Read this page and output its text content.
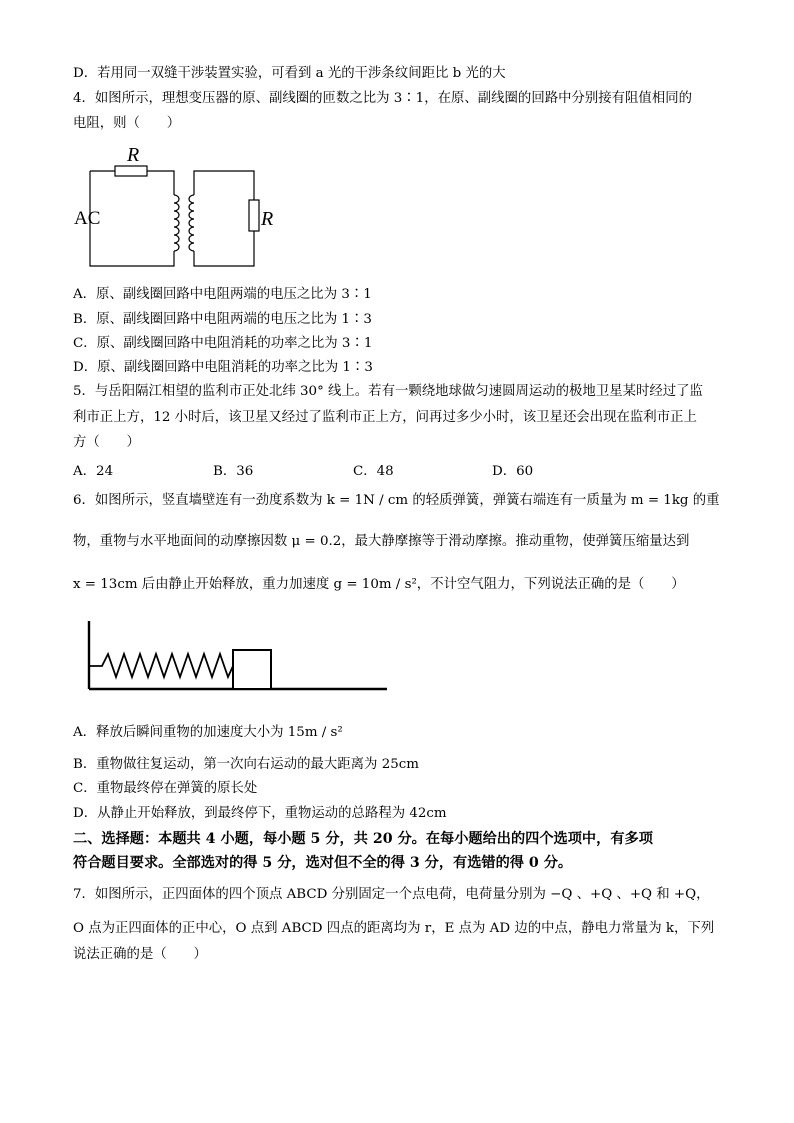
D．若用同一双缝干涉装置实验，可看到 a 光的干涉条纹间距比 b 光的大
4．如图所示，理想变压器的原、副线圈的匝数之比为 3∶1，在原、副线圈的回路中分别接有阻值相同的
电阻，则（　　）
R
AC	R
A．原、副线圈回路中电阻两端的电压之比为 3∶1
B．原、副线圈回路中电阻两端的电压之比为 1∶3
C．原、副线圈回路中电阻消耗的功率之比为 3∶1
D．原、副线圈回路中电阻消耗的功率之比为 1∶3
5．与岳阳隔江相望的监利市正处北纬 30° 线上。若有一颗绕地球做匀速圆周运动的极地卫星某时经过了监
利市正上方，12 小时后，该卫星又经过了监利市正上方，问再过多少小时，该卫星还会出现在监利市正上
方（　　）
A．24	B．36	C．48	D．60
6．如图所示，竖直墙壁连有一劲度系数为 k = 1N / cm 的轻质弹簧，弹簧右端连有一质量为 m = 1kg 的重
物，重物与水平地面间的动摩擦因数 μ = 0.2，最大静摩擦等于滑动摩擦。推动重物，使弹簧压缩量达到
x = 13cm 后由静止开始释放，重力加速度 g = 10m / s²，不计空气阻力，下列说法正确的是（　　）
A．释放后瞬间重物的加速度大小为 15m / s²
B．重物做往复运动，第一次向右运动的最大距离为 25cm
C．重物最终停在弹簧的原长处
D．从静止开始释放，到最终停下，重物运动的总路程为 42cm
二、选择题：本题共 4 小题，每小题 5 分，共 20 分。在每小题给出的四个选项中，有多项
符合题目要求。全部选对的得 5 分，选对但不全的得 3 分，有选错的得 0 分。
7．如图所示，正四面体的四个顶点 ABCD 分别固定一个点电荷，电荷量分别为 −Q 、+Q 、+Q 和 +Q，
O 点为正四面体的正中心，O 点到 ABCD 四点的距离均为 r，E 点为 AD 边的中点，静电力常量为 k，下列
说法正确的是（　　）
